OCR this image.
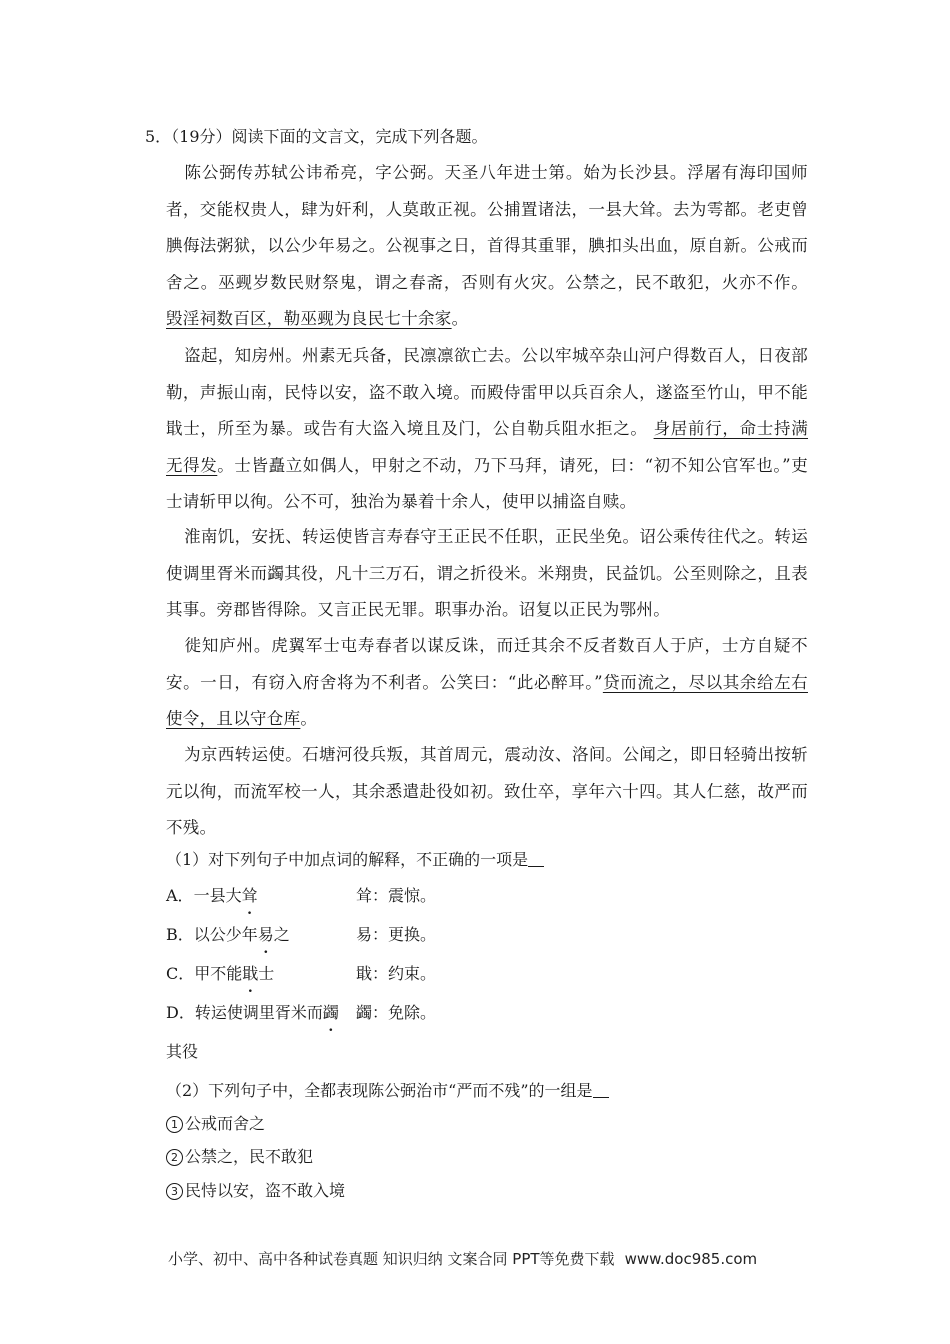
5．（19分）阅读下面的文言文，完成下列各题。

陈公弼传苏轼公讳希亮，字公弼。天圣八年进士第。始为长沙县。浮屠有海印国师者，交能权贵人，肆为奸利，人莫敢正视。公捕置诸法，一县大耸。去为雩都。老吏曾腆侮法粥狱，以公少年易之。公视事之日，首得其重罪，腆扣头出血，原自新。公戒而舍之。巫觋岁数民财祭鬼，谓之春斋，否则有火灾。公禁之，民不敢犯，火亦不作。 毁淫祠数百区，勒巫觋为良民七十余家。

盗起，知房州。州素无兵备，民凛凛欲亡去。公以牢城卒杂山河户得数百人，日夜部勒，声振山南，民恃以安，盗不敢入境。而殿侍雷甲以兵百余人，遂盗至竹山，甲不能戢士，所至为暴。或告有大盗入境且及门，公自勒兵阻水拒之。 身居前行，命士持满无得发。士皆矗立如偶人，甲射之不动，乃下马拜，请死，曰：“初不知公官军也。”吏士请斩甲以徇。公不可，独治为暴着十余人，使甲以捕盗自赎。

淮南饥，安抚、转运使皆言寿春守王正民不任职，正民坐免。诏公乘传往代之。转运使调里胥米而蠲其役，凡十三万石，谓之折役米。米翔贵，民益饥。公至则除之，且表其事。旁郡皆得除。又言正民无罪。职事办治。诏复以正民为鄂州。

徙知庐州。虎翼军士屯寿春者以谋反诛，而迁其余不反者数百人于庐，士方自疑不安。一日，有窃入府舍将为不利者。公笑曰：“此必醉耳。”贷而流之，尽以其余给左右使令，且以守仓库。

为京西转运使。石塘河役兵叛，其首周元，震动汝、洛间。公闻之，即日轻骑出按斩元以徇，而流军校一人，其余悉遣赴役如初。致仕卒，享年六十四。其人仁慈，故严而不残。

（1）对下列句子中加点词的解释，不正确的一项是
A．一县大耸	耸：震惊。
B．以公少年易之	易：更换。
C．甲不能戢士	戢：约束。
D．转运使调里胥米而蠲 蠲：免除。
其役
（2）下列句子中，全都表现陈公弼治市“严而不残”的一组是
1 公戒而舍之
2 公禁之，民不敢犯
3 民恃以安，盗不敢入境
小学、初中、高中各种试卷真题 知识归纳 文案合同 PPT等免费下载 www.doc985.com
